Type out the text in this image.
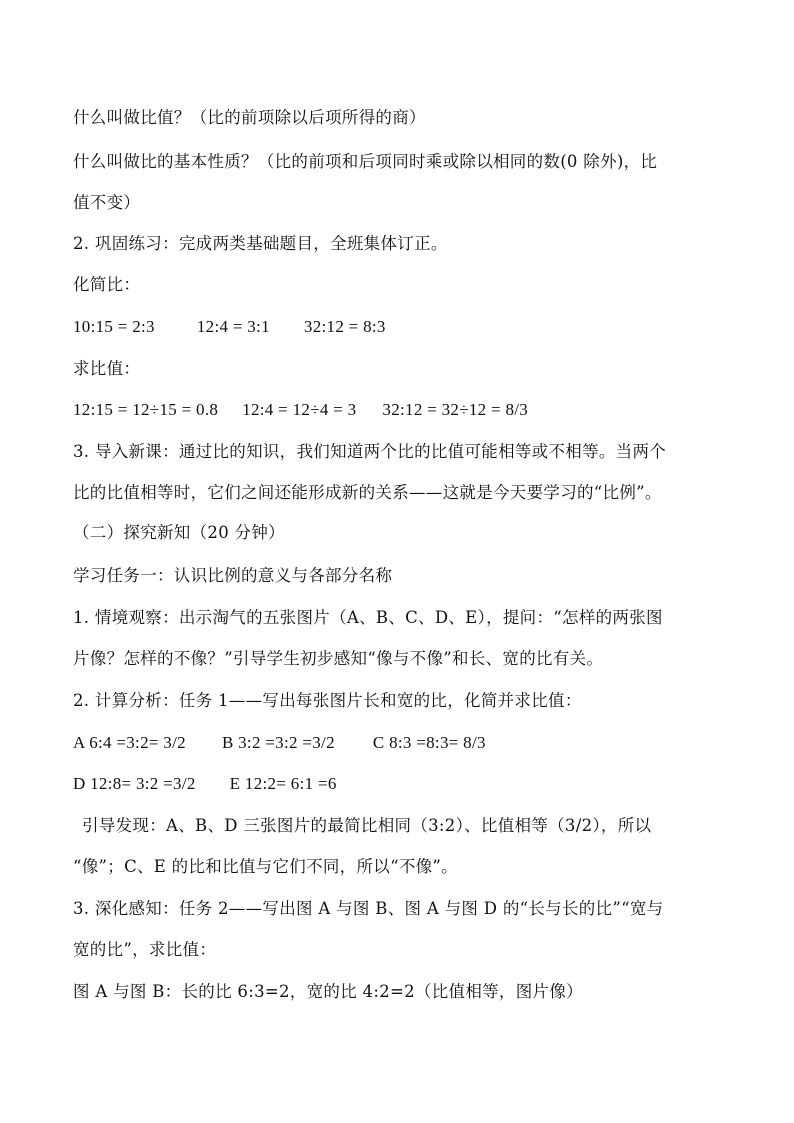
什么叫做比值？（比的前项除以后项所得的商）
什么叫做比的基本性质？（比的前项和后项同时乘或除以相同的数(0 除外)，比
值不变）
2. 巩固练习：完成两类基础题目，全班集体订正。
化简比：
10:15 = 2:3 12:4 = 3:1 32:12 = 8:3
求比值：
12:15 = 12÷15 = 0.8 12:4 = 12÷4 = 3 32:12 = 32÷12 = 8/3
3. 导入新课：通过比的知识，我们知道两个比的比值可能相等或不相等。当两个
比的比值相等时，它们之间还能形成新的关系——这就是今天要学习的“比例”。
（二）探究新知（20 分钟）
学习任务一：认识比例的意义与各部分名称
1. 情境观察：出示淘气的五张图片（A、B、C、D、E），提问：“怎样的两张图
片像？怎样的不像？”引导学生初步感知“像与不像”和长、宽的比有关。
2. 计算分析：任务 1——写出每张图片长和宽的比，化简并求比值：
A 6:4 =3:2= 3/2 B 3:2 =3:2 =3/2 C 8:3 =8:3= 8/3
D 12:8= 3:2 =3/2 E 12:2= 6:1 =6
引导发现：A、B、D 三张图片的最简比相同（3:2）、比值相等（3/2），所以
“像”；C、E 的比和比值与它们不同，所以“不像”。
3. 深化感知：任务 2——写出图 A 与图 B、图 A 与图 D 的“长与长的比”“宽与
宽的比”，求比值：
图 A 与图 B：长的比 6:3=2，宽的比 4:2=2（比值相等，图片像）
